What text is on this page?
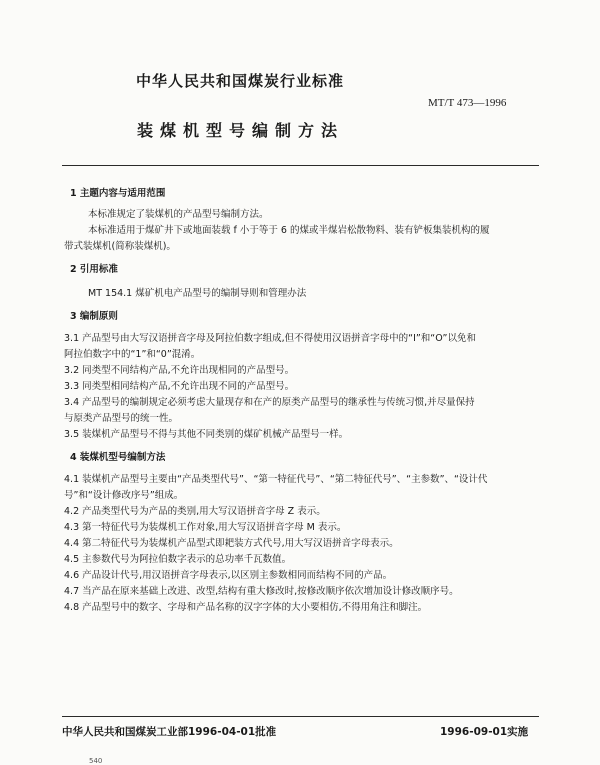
中华人民共和国煤炭行业标准
MT/T 473—1996
装煤机型号编制方法
1 主题内容与适用范围
本标准规定了装煤机的产品型号编制方法。
本标准适用于煤矿井下或地面装载 f 小于等于 6 的煤或半煤岩松散物料、装有铲板集装机构的履
带式装煤机(简称装煤机)。
2 引用标准
MT 154.1 煤矿机电产品型号的编制导则和管理办法
3 编制原则
3.1 产品型号由大写汉语拼音字母及阿拉伯数字组成,但不得使用汉语拼音字母中的“I”和“O”以免和
阿拉伯数字中的“1”和“0”混淆。
3.2 同类型不同结构产品,不允许出现相同的产品型号。
3.3 同类型相同结构产品,不允许出现不同的产品型号。
3.4 产品型号的编制规定必须考虑大量现存和在产的原类产品型号的继承性与传统习惯,并尽量保持
与原类产品型号的统一性。
3.5 装煤机产品型号不得与其他不同类别的煤矿机械产品型号一样。
4 装煤机型号编制方法
4.1 装煤机产品型号主要由“产品类型代号”、“第一特征代号”、“第二特征代号”、“主参数”、“设计代
号”和“设计修改序号”组成。
4.2 产品类型代号为产品的类别,用大写汉语拼音字母 Z 表示。
4.3 第一特征代号为装煤机工作对象,用大写汉语拼音字母 M 表示。
4.4 第二特征代号为装煤机产品型式即耙装方式代号,用大写汉语拼音字母表示。
4.5 主参数代号为阿拉伯数字表示的总功率千瓦数值。
4.6 产品设计代号,用汉语拼音字母表示,以区别主参数相同而结构不同的产品。
4.7 当产品在原来基础上改进、改型,结构有重大修改时,按修改顺序依次增加设计修改顺序号。
4.8 产品型号中的数字、字母和产品名称的汉字字体的大小要相仿,不得用角注和脚注。
中华人民共和国煤炭工业部1996-04-01批准	1996-09-01实施
540
